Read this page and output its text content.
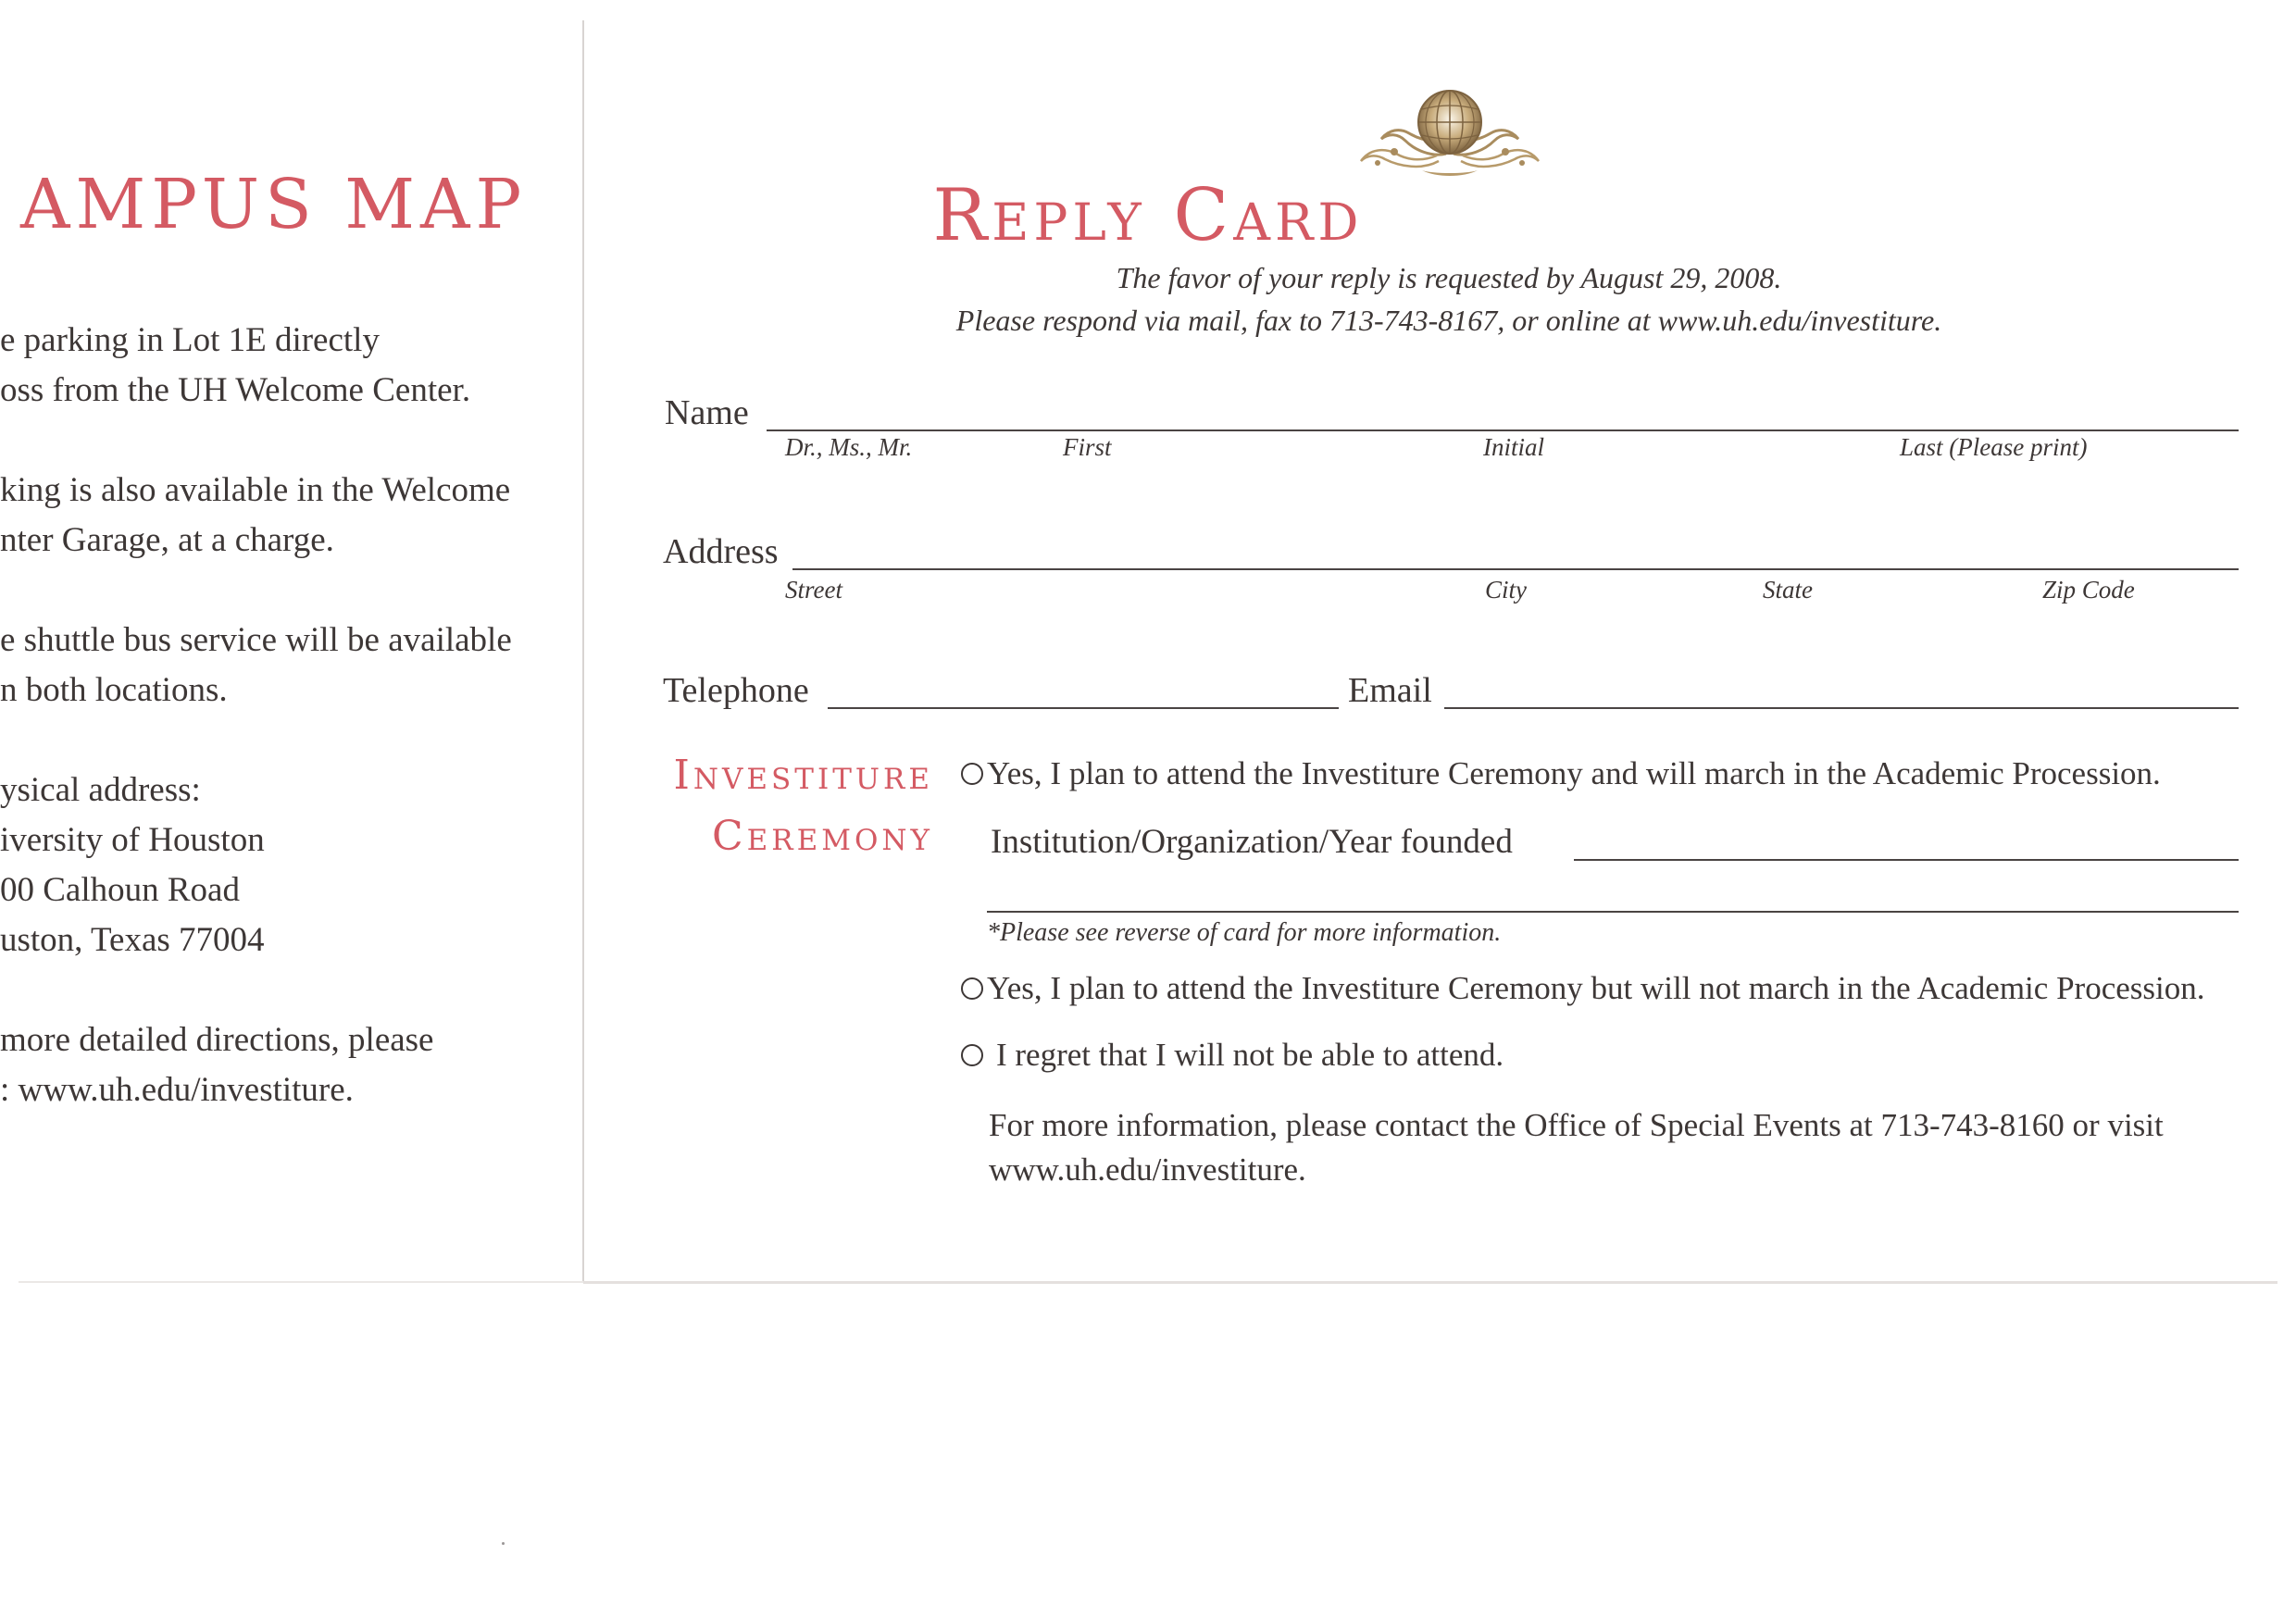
AMPUS MAP
e parking in Lot 1E directly
oss from the UH Welcome Center.
king is also available in the Welcome
nter Garage, at a charge.
e shuttle bus service will be available
n both locations.
ysical address:
iversity of Houston
00 Calhoun Road
uston, Texas 77004
more detailed directions, please
: www.uh.edu/investiture.
Reply Card
The favor of your reply is requested by August 29, 2008.
Please respond via mail, fax to 713-743-8167, or online at www.uh.edu/investiture.
Name
Dr., Ms., Mr.	First	Initial	Last (Please print)
Address
Street	City	State	Zip Code
Telephone	Email
Investiture
Ceremony
Yes, I plan to attend the Investiture Ceremony and will march in the Academic Procession.
Institution/Organization/Year founded
*Please see reverse of card for more information.
Yes, I plan to attend the Investiture Ceremony but will not march in the Academic Procession.
I regret that I will not be able to attend.
For more information, please contact the Office of Special Events at 713-743-8160 or visit
www.uh.edu/investiture.
